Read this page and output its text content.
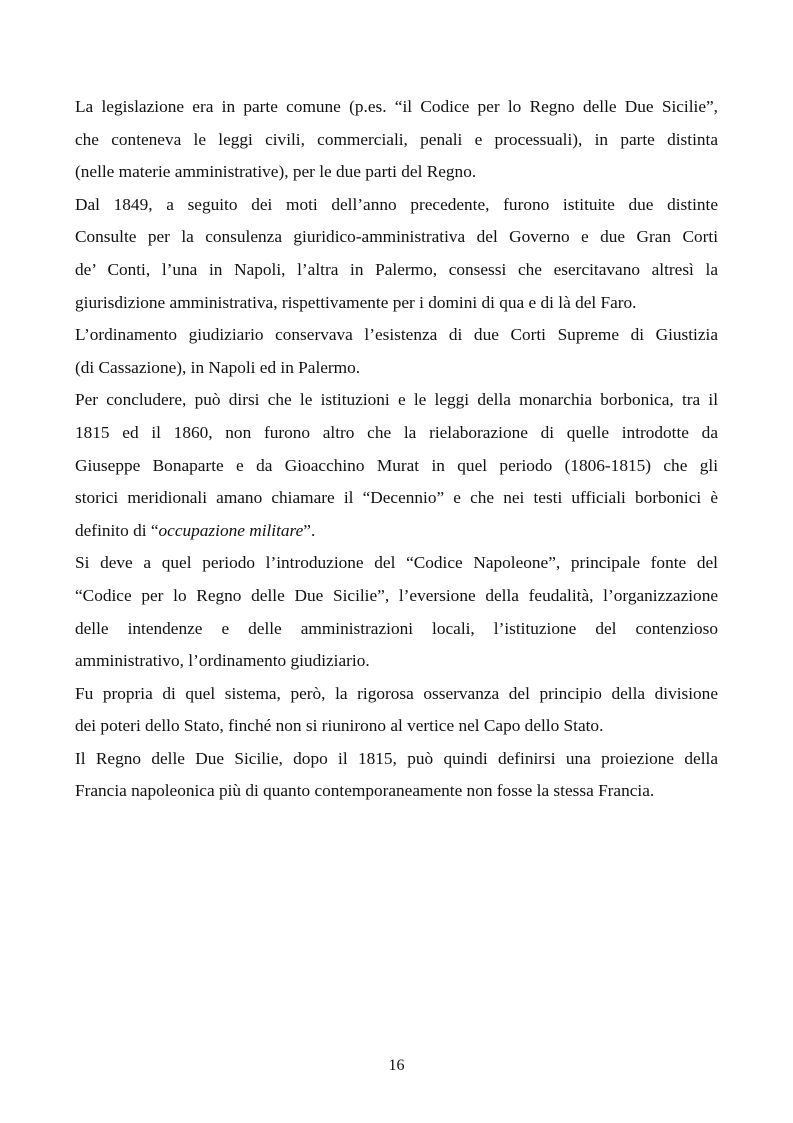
La legislazione era in parte comune (p.es. “il Codice per lo Regno delle Due Sicilie”,
che conteneva le leggi civili, commerciali, penali e processuali), in parte distinta
(nelle materie amministrative), per le due parti del Regno.
Dal 1849, a seguito dei moti dell’anno precedente, furono istituite due distinte
Consulte per la consulenza giuridico-amministrativa del Governo e due Gran Corti
de’ Conti, l’una in Napoli, l’altra in Palermo, consessi che esercitavano altresì la
giurisdizione amministrativa, rispettivamente per i domini di qua e di là del Faro.
L’ordinamento giudiziario conservava l’esistenza di due Corti Supreme di Giustizia
(di Cassazione), in Napoli ed in Palermo.
Per concludere, può dirsi che le istituzioni e le leggi della monarchia borbonica, tra il
1815 ed il 1860, non furono altro che la rielaborazione di quelle introdotte da
Giuseppe Bonaparte e da Gioacchino Murat in quel periodo (1806-1815) che gli
storici meridionali amano chiamare il “Decennio” e che nei testi ufficiali borbonici è
definito di “occupazione militare”.
Si deve a quel periodo l’introduzione del “Codice Napoleone”, principale fonte del
“Codice per lo Regno delle Due Sicilie”, l’eversione della feudalità, l’organizzazione
delle intendenze e delle amministrazioni locali, l’istituzione del contenzioso
amministrativo, l’ordinamento giudiziario.
Fu propria di quel sistema, però, la rigorosa osservanza del principio della divisione
dei poteri dello Stato, finché non si riunirono al vertice nel Capo dello Stato.
Il Regno delle Due Sicilie, dopo il 1815, può quindi definirsi una proiezione della
Francia napoleonica più di quanto contemporaneamente non fosse la stessa Francia.
16
